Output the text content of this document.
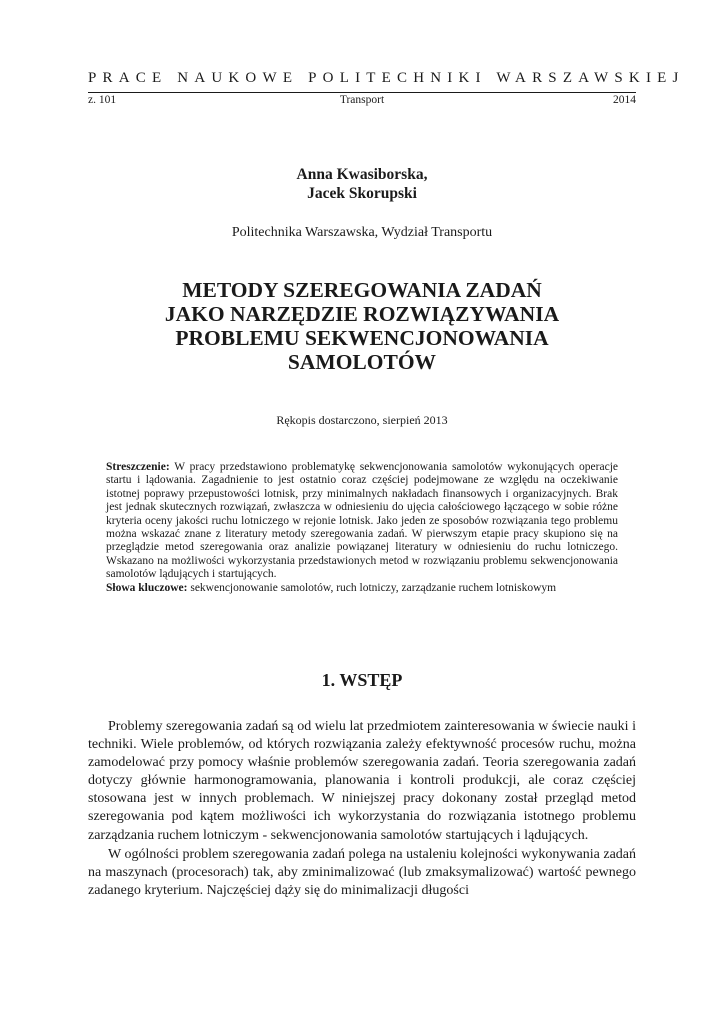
PRACE NAUKOWE POLITECHNIKI WARSZAWSKIEJ
z. 101	Transport	2014
Anna Kwasiborska,
Jacek Skorupski
Politechnika Warszawska, Wydział Transportu
METODY SZEREGOWANIA ZADAŃ
JAKO NARZĘDZIE ROZWIĄZYWANIA
PROBLEMU SEKWENCJONOWANIA
SAMOLOTÓW
Rękopis dostarczono, sierpień 2013

Streszczenie: W pracy przedstawiono problematykę sekwencjonowania samolotów wykonujących operacje startu i lądowania. Zagadnienie to jest ostatnio coraz częściej podejmowane ze względu na oczekiwanie istotnej poprawy przepustowości lotnisk, przy minimalnych nakładach finansowych i organizacyjnych. Brak jest jednak skutecznych rozwiązań, zwłaszcza w odniesieniu do ujęcia całościowego łączącego w sobie różne kryteria oceny jakości ruchu lotniczego w rejonie lotnisk. Jako jeden ze sposobów rozwiązania tego problemu można wskazać znane z literatury metody szeregowania zadań. W pierwszym etapie pracy skupiono się na przeglądzie metod szeregowania oraz analizie powiązanej literatury w odniesieniu do ruchu lotniczego. Wskazano na możliwości wykorzystania przedstawionych metod w rozwiązaniu problemu sekwencjonowania samolotów lądujących i startujących.

Słowa kluczowe: sekwencjonowanie samolotów, ruch lotniczy, zarządzanie ruchem lotniskowym

1. WSTĘP

Problemy szeregowania zadań są od wielu lat przedmiotem zainteresowania w świecie nauki i techniki. Wiele problemów, od których rozwiązania zależy efektywność procesów ruchu, można zamodelować przy pomocy właśnie problemów szeregowania zadań. Teoria szeregowania zadań dotyczy głównie harmonogramowania, planowania i kontroli produkcji, ale coraz częściej stosowana jest w innych problemach. W niniejszej pracy dokonany został przegląd metod szeregowania pod kątem możliwości ich wykorzystania do rozwiązania istotnego problemu zarządzania ruchem lotniczym - sekwencjonowania samolotów startujących i lądujących.

W ogólności problem szeregowania zadań polega na ustaleniu kolejności wykonywania zadań na maszynach (procesorach) tak, aby zminimalizować (lub zmaksymalizować) wartość pewnego zadanego kryterium. Najczęściej dąży się do minimalizacji długości
